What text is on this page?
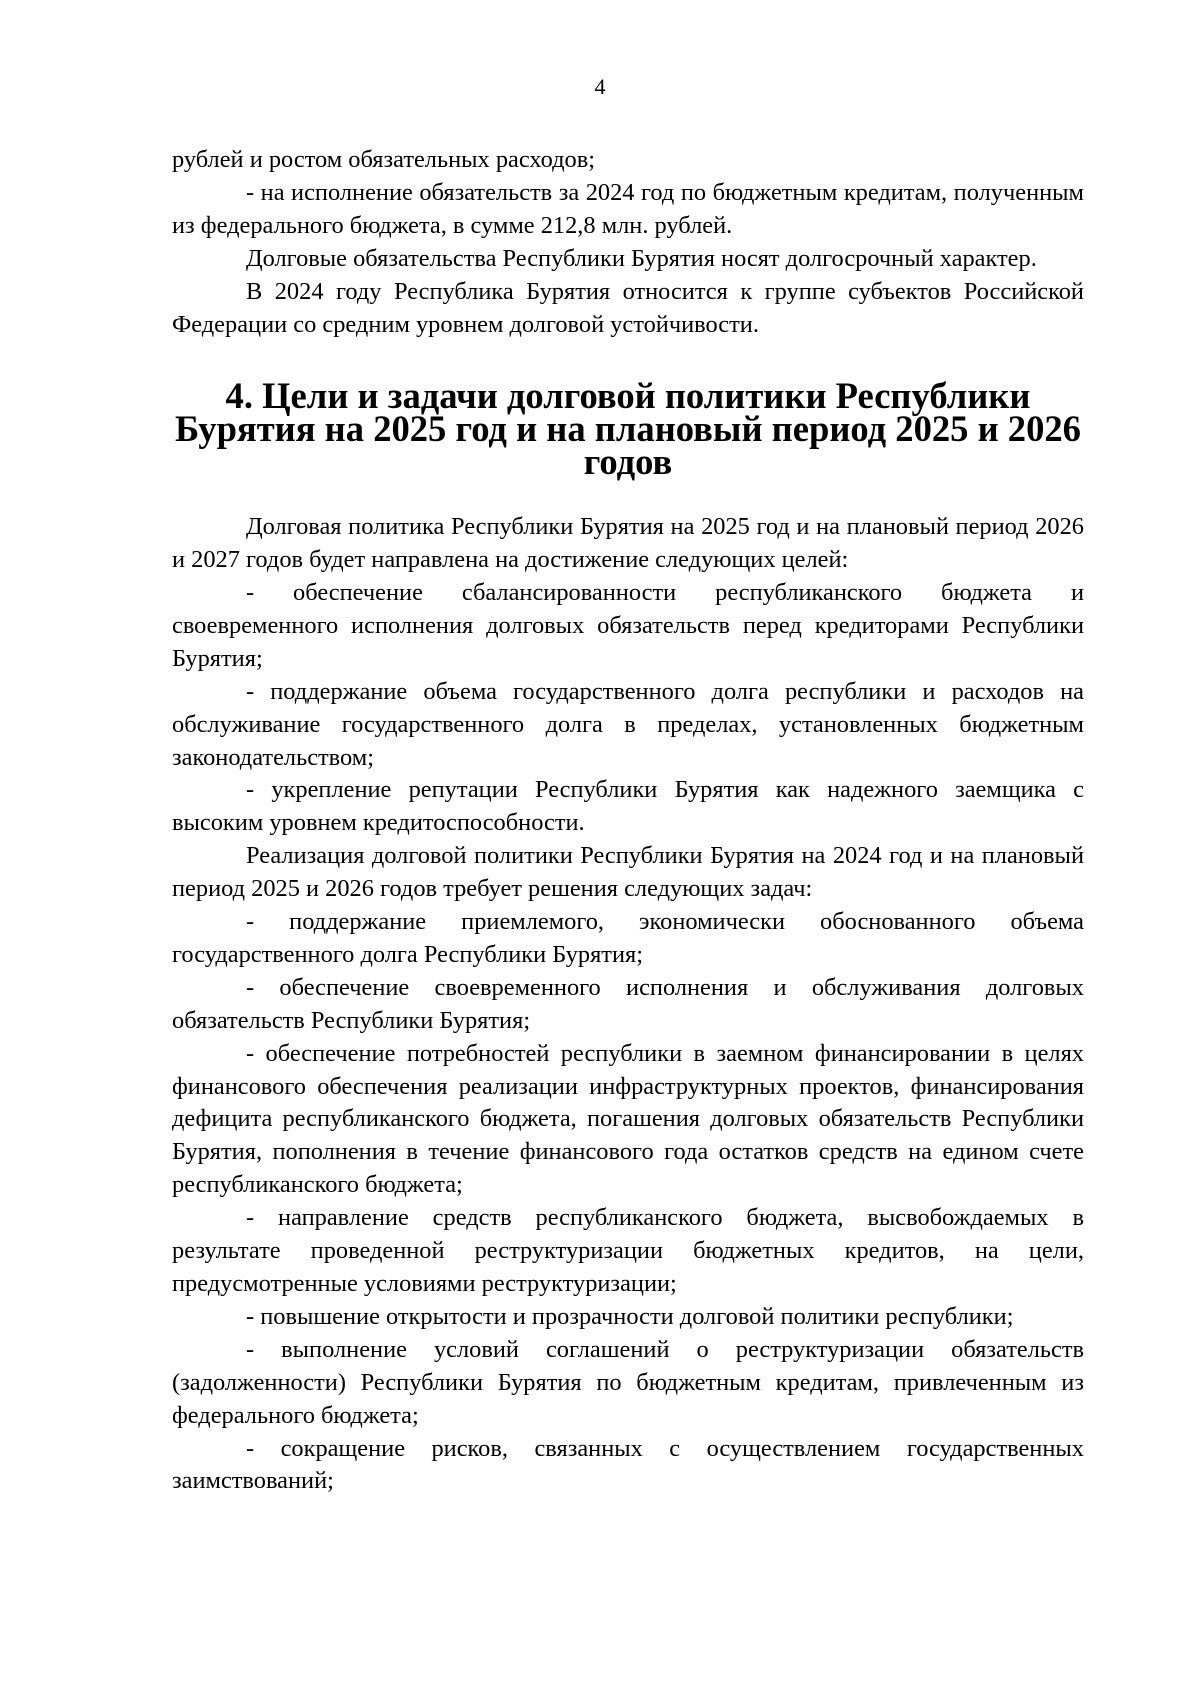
4

рублей и ростом обязательных расходов;

- на исполнение обязательств за 2024 год по бюджетным кредитам, полученным из федерального бюджета, в сумме 212,8 млн. рублей.

Долговые обязательства Республики Бурятия носят долгосрочный характер.

В 2024 году Республика Бурятия относится к группе субъектов Российской Федерации со средним уровнем долговой устойчивости.

4. Цели и задачи долговой политики Республики
Бурятия на 2025 год и на плановый период 2025 и 2026 годов

Долговая политика Республики Бурятия на 2025 год и на плановый период 2026 и 2027 годов будет направлена на достижение следующих целей:

- обеспечение сбалансированности республиканского бюджета и своевременного исполнения долговых обязательств перед кредиторами Республики Бурятия;

- поддержание объема государственного долга республики и расходов на обслуживание государственного долга в пределах, установленных бюджетным законодательством;

- укрепление репутации Республики Бурятия как надежного заемщика с высоким уровнем кредитоспособности.

Реализация долговой политики Республики Бурятия на 2024 год и на плановый период 2025 и 2026 годов требует решения следующих задач:

- поддержание приемлемого, экономически обоснованного объема государственного долга Республики Бурятия;

- обеспечение своевременного исполнения и обслуживания долговых обязательств Республики Бурятия;

- обеспечение потребностей республики в заемном финансировании в целях финансового обеспечения реализации инфраструктурных проектов, финансирования дефицита республиканского бюджета, погашения долговых обязательств Республики Бурятия, пополнения в течение финансового года остатков средств на едином счете республиканского бюджета;

- направление средств республиканского бюджета, высвобождаемых в результате проведенной реструктуризации бюджетных кредитов, на цели, предусмотренные условиями реструктуризации;

- повышение открытости и прозрачности долговой политики республики;

- выполнение условий соглашений о реструктуризации обязательств (задолженности) Республики Бурятия по бюджетным кредитам, привлеченным из федерального бюджета;

- сокращение рисков, связанных с осуществлением государственных заимствований;
